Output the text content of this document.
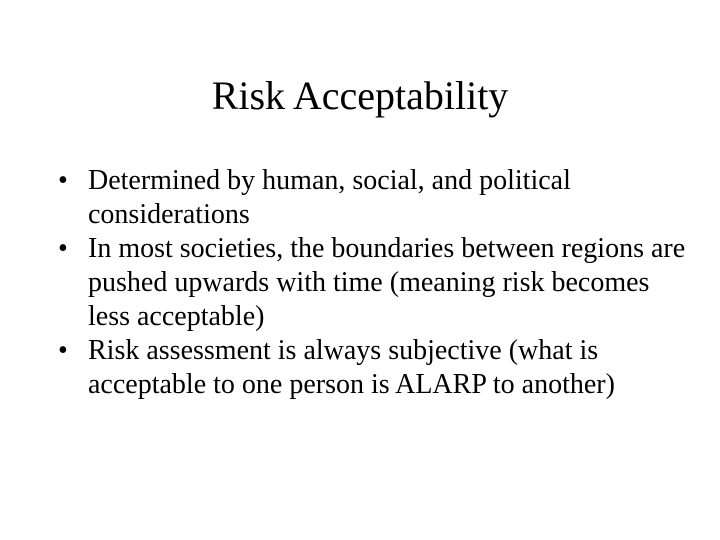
Risk Acceptability
• Determined by human, social, and political considerations
• In most societies, the boundaries between regions are pushed upwards with time (meaning risk becomes less acceptable)
• Risk assessment is always subjective (what is acceptable to one person is ALARP to another)
